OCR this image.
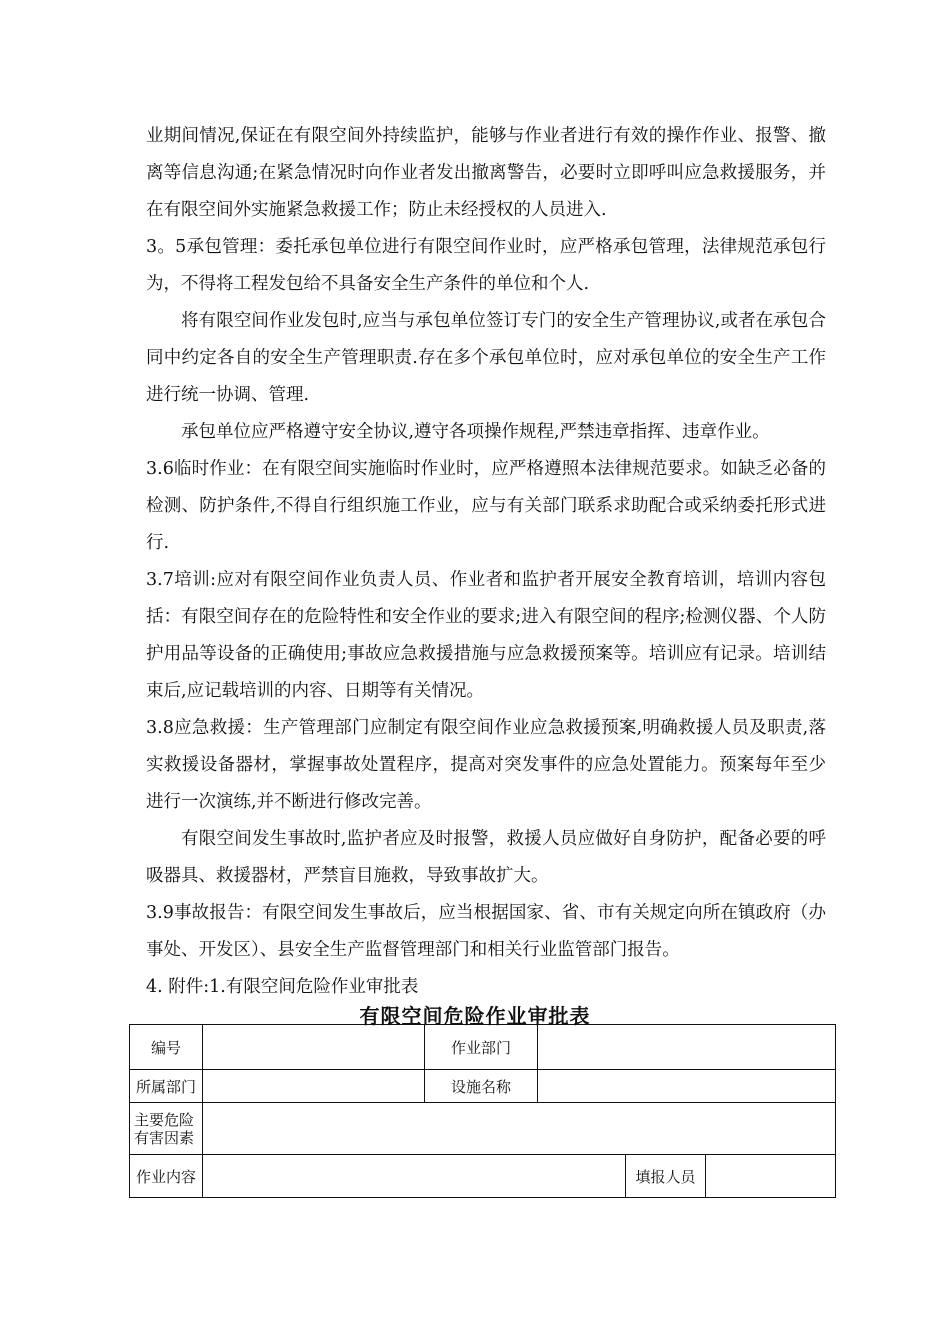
业期间情况,保证在有限空间外持续监护，能够与作业者进行有效的操作作业、报警、撤离等信息沟通;在紧急情况时向作业者发出撤离警告，必要时立即呼叫应急救援服务，并在有限空间外实施紧急救援工作；防止未经授权的人员进入.

3。5承包管理：委托承包单位进行有限空间作业时，应严格承包管理，法律规范承包行为，不得将工程发包给不具备安全生产条件的单位和个人.

将有限空间作业发包时,应当与承包单位签订专门的安全生产管理协议,或者在承包合同中约定各自的安全生产管理职责.存在多个承包单位时，应对承包单位的安全生产工作进行统一协调、管理.

承包单位应严格遵守安全协议,遵守各项操作规程,严禁违章指挥、违章作业。

3.6临时作业：在有限空间实施临时作业时，应严格遵照本法律规范要求。如缺乏必备的检测、防护条件,不得自行组织施工作业，应与有关部门联系求助配合或采纳委托形式进行.

3.7培训:应对有限空间作业负责人员、作业者和监护者开展安全教育培训，培训内容包括：有限空间存在的危险特性和安全作业的要求;进入有限空间的程序;检测仪器、个人防护用品等设备的正确使用;事故应急救援措施与应急救援预案等。培训应有记录。培训结束后,应记载培训的内容、日期等有关情况。

3.8应急救援：生产管理部门应制定有限空间作业应急救援预案,明确救援人员及职责,落实救援设备器材，掌握事故处置程序，提高对突发事件的应急处置能力。预案每年至少进行一次演练,并不断进行修改完善。

有限空间发生事故时,监护者应及时报警，救援人员应做好自身防护，配备必要的呼吸器具、救援器材，严禁盲目施救，导致事故扩大。

3.9事故报告：有限空间发生事故后，应当根据国家、省、市有关规定向所在镇政府（办事处、开发区）、县安全生产监督管理部门和相关行业监管部门报告。

4. 附件:1.有限空间危险作业审批表

有限空间危险作业审批表
编号		作业部门			
所属部门		设施名称			
主要危险有害因素					
作业内容				填报人员	
